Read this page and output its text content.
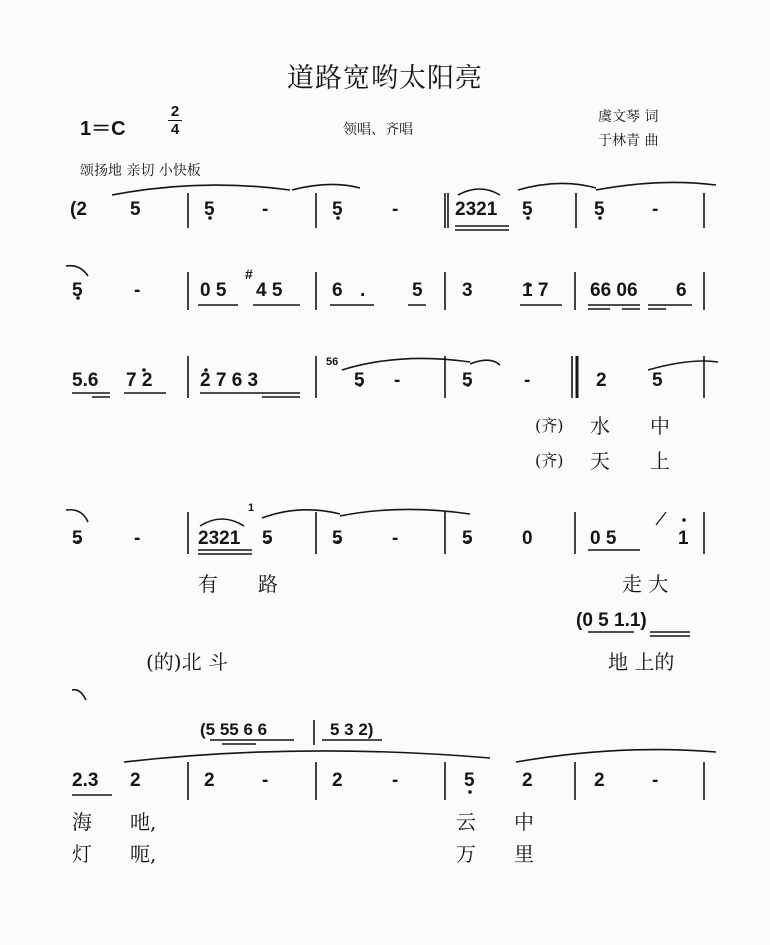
道路宽哟太阳亮
1＝C
2
4	领唱、齐唱
虞文琴 词
于林青 曲
颂扬地 亲切 小快板
(2 5	5 -	5	-	2321 5	5 -
5	-	0 5
#
4 5	6 . 5 3	1 7 66 06 6
5.6 7 2	2 7 6 3
56
5 -	5	-	2 5
(齐) 水 中
(齐) 天 上
5	-	2321
1
5	5	-	5	0	0 5	1
有 路	走 大
(0 5 1.1)
(的)北 斗	地 上的
(5 55 6 6	5 3 2)
2.3 2	2 -	2	-	5 2	2 -
海 吔,	云 中
灯 呃,	万 里
